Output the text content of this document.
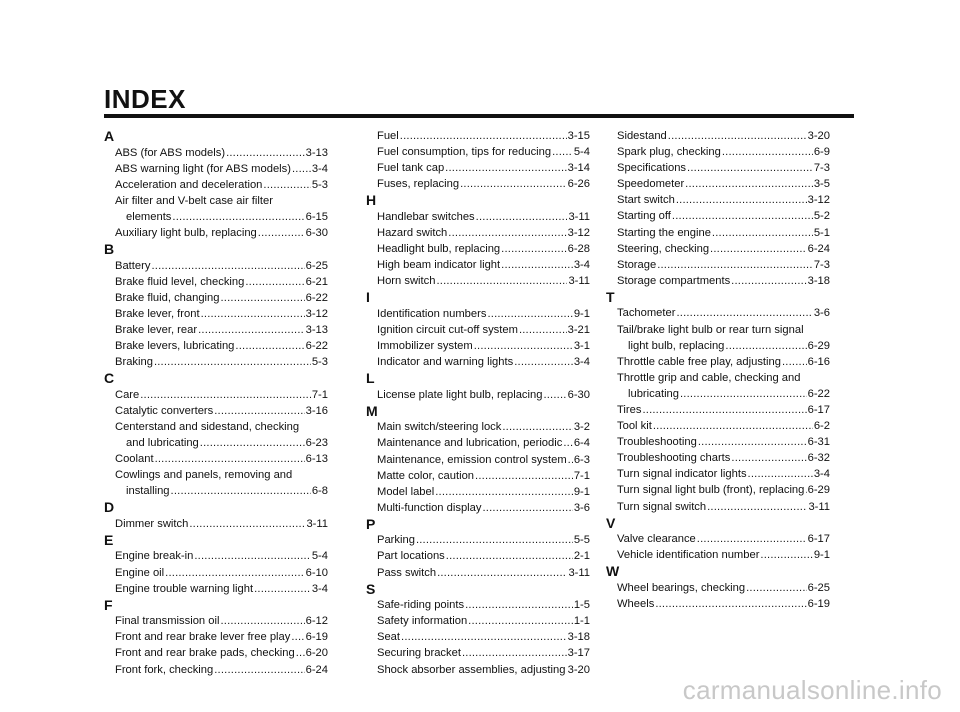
INDEX
A
ABS (for ABS models) .....	3-13
ABS warning light (for ABS models) ..... 3-4
Acceleration and deceleration .....	5-3
Air filter and V-belt case air filter
elements .....	6-15
Auxiliary light bulb, replacing .....	6-30
B
Battery .....	6-25
Brake fluid level, checking .....	6-21
Brake fluid, changing .....	6-22
Brake lever, front .....	3-12
Brake lever, rear .....	3-13
Brake levers, lubricating .....	6-22
Braking .....	5-3
C
Care .....	7-1
Catalytic converters .....	3-16
Centerstand and sidestand, checking
and lubricating .....	6-23
Coolant .....	6-13
Cowlings and panels, removing and
installing .....	6-8
D
Dimmer switch .....	3-11
E
Engine break-in .....	5-4
Engine oil .....	6-10
Engine trouble warning light .....	3-4
F
Final transmission oil .....	6-12
Front and rear brake lever free play ..... 6-19
Front and rear brake pads, checking ..... 6-20
Front fork, checking .....	6-24
Fuel .....	3-15
Fuel consumption, tips for reducing ..... 5-4
Fuel tank cap .....	3-14
Fuses, replacing .....	6-26
H
Handlebar switches .....	3-11
Hazard switch .....	3-12
Headlight bulb, replacing .....	6-28
High beam indicator light .....	3-4
Horn switch .....	3-11
I
Identification numbers .....	9-1
Ignition circuit cut-off system .....	3-21
Immobilizer system .....	3-1
Indicator and warning lights .....	3-4
L
License plate light bulb, replacing ..... 6-30
M
Main switch/steering lock .....	3-2
Maintenance and lubrication, periodic ..... 6-4
Maintenance, emission control system ..... 6-3
Matte color, caution .....	7-1
Model label .....	9-1
Multi-function display .....	3-6
P
Parking .....	5-5
Part locations .....	2-1
Pass switch .....	3-11
S
Safe-riding points .....	1-5
Safety information .....	1-1
Seat .....	3-18
Securing bracket .....	3-17
Shock absorber assemblies, adjusting ..... 3-20
Sidestand .....	3-20
Spark plug, checking .....	6-9
Specifications .....	7-3
Speedometer .....	3-5
Start switch .....	3-12
Starting off .....	5-2
Starting the engine .....	5-1
Steering, checking .....	6-24
Storage .....	7-3
Storage compartments .....	3-18
T
Tachometer .....	3-6
Tail/brake light bulb or rear turn signal
light bulb, replacing .....	6-29
Throttle cable free play, adjusting ..... 6-16
Throttle grip and cable, checking and
lubricating .....	6-22
Tires .....	6-17
Tool kit .....	6-2
Troubleshooting .....	6-31
Troubleshooting charts .....	6-32
Turn signal indicator lights .....	3-4
Turn signal light bulb (front), replacing ..... 6-29
Turn signal switch .....	3-11
V
Valve clearance .....	6-17
Vehicle identification number .....	9-1
W
Wheel bearings, checking .....	6-25
Wheels .....	6-19
carmanualsonline.info
